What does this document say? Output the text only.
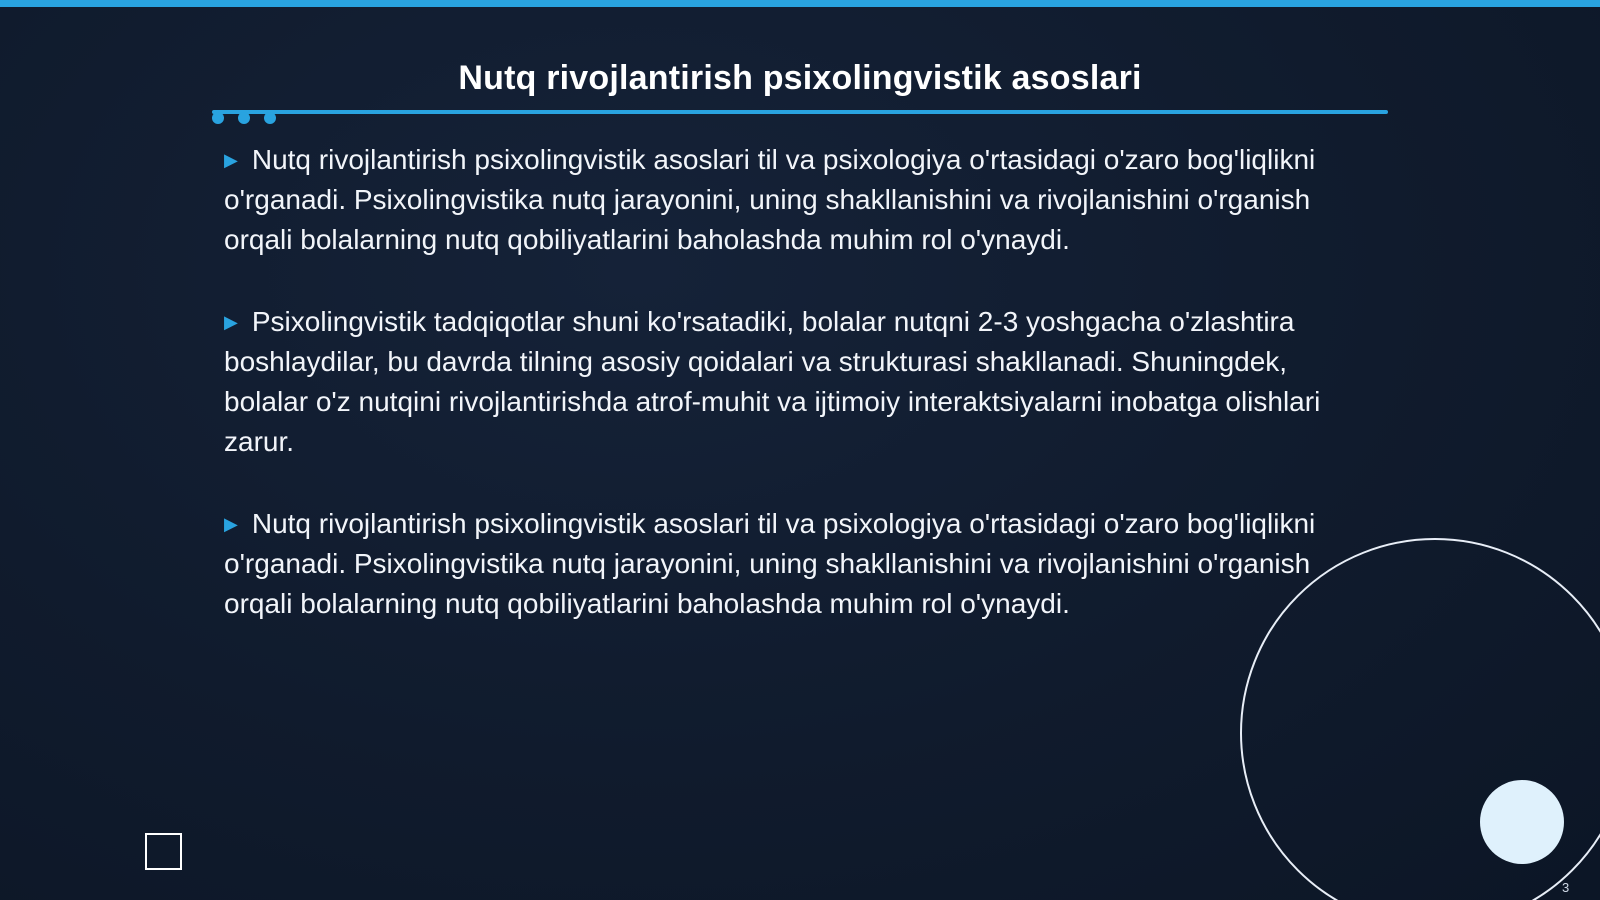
Nutq rivojlantirish psixolingvistik asoslari

▶ Nutq rivojlantirish psixolingvistik asoslari til va psixologiya o'rtasidagi o'zaro bog'liqlikni o'rganadi. Psixolingvistika nutq jarayonini, uning shakllanishini va rivojlanishini o'rganish orqali bolalarning nutq qobiliyatlarini baholashda muhim rol o'ynaydi.

▶ Psixolingvistik tadqiqotlar shuni ko'rsatadiki, bolalar nutqni 2-3 yoshgacha o'zlashtira boshlaydilar, bu davrda tilning asosiy qoidalari va strukturasi shakllanadi. Shuningdek, bolalar o'z nutqini rivojlantirishda atrof-muhit va ijtimoiy interaktsiyalarni inobatga olishlari zarur.

▶ Nutq rivojlantirish psixolingvistik asoslari til va psixologiya o'rtasidagi o'zaro bog'liqlikni o'rganadi. Psixolingvistika nutq jarayonini, uning shakllanishini va rivojlanishini o'rganish orqali bolalarning nutq qobiliyatlarini baholashda muhim rol o'ynaydi.

3
